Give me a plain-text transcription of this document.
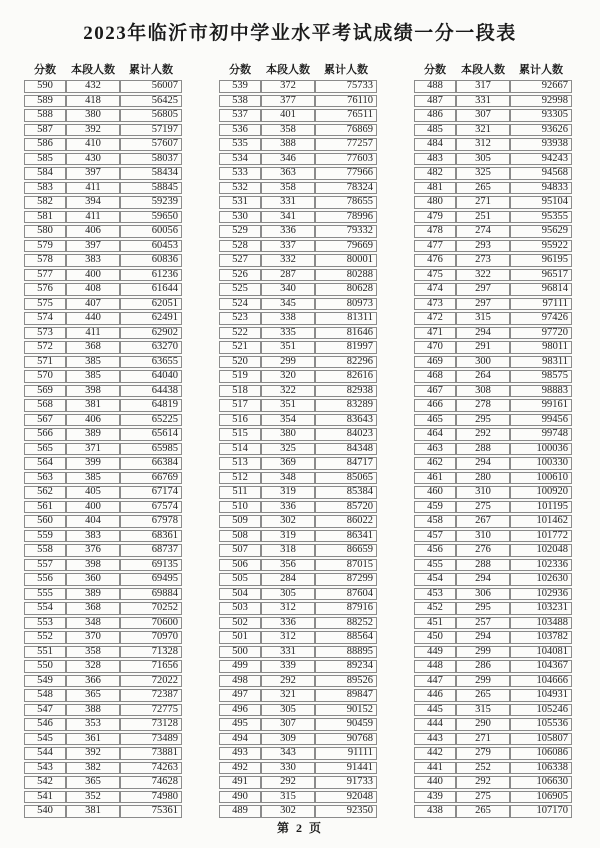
2023年临沂市初中学业水平考试成绩一分一段表
分数	本段人数	累计人数
590	432	56007
589	418	56425
588	380	56805
587	392	57197
586	410	57607
585	430	58037
584	397	58434
583	411	58845
582	394	59239
581	411	59650
580	406	60056
579	397	60453
578	383	60836
577	400	61236
576	408	61644
575	407	62051
574	440	62491
573	411	62902
572	368	63270
571	385	63655
570	385	64040
569	398	64438
568	381	64819
567	406	65225
566	389	65614
565	371	65985
564	399	66384
563	385	66769
562	405	67174
561	400	67574
560	404	67978
559	383	68361
558	376	68737
557	398	69135
556	360	69495
555	389	69884
554	368	70252
553	348	70600
552	370	70970
551	358	71328
550	328	71656
549	366	72022
548	365	72387
547	388	72775
546	353	73128
545	361	73489
544	392	73881
543	382	74263
542	365	74628
541	352	74980
540	381	75361
分数	本段人数	累计人数
539	372	75733
538	377	76110
537	401	76511
536	358	76869
535	388	77257
534	346	77603
533	363	77966
532	358	78324
531	331	78655
530	341	78996
529	336	79332
528	337	79669
527	332	80001
526	287	80288
525	340	80628
524	345	80973
523	338	81311
522	335	81646
521	351	81997
520	299	82296
519	320	82616
518	322	82938
517	351	83289
516	354	83643
515	380	84023
514	325	84348
513	369	84717
512	348	85065
511	319	85384
510	336	85720
509	302	86022
508	319	86341
507	318	86659
506	356	87015
505	284	87299
504	305	87604
503	312	87916
502	336	88252
501	312	88564
500	331	88895
499	339	89234
498	292	89526
497	321	89847
496	305	90152
495	307	90459
494	309	90768
493	343	91111
492	330	91441
491	292	91733
490	315	92048
489	302	92350
分数	本段人数	累计人数
488	317	92667
487	331	92998
486	307	93305
485	321	93626
484	312	93938
483	305	94243
482	325	94568
481	265	94833
480	271	95104
479	251	95355
478	274	95629
477	293	95922
476	273	96195
475	322	96517
474	297	96814
473	297	97111
472	315	97426
471	294	97720
470	291	98011
469	300	98311
468	264	98575
467	308	98883
466	278	99161
465	295	99456
464	292	99748
463	288	100036
462	294	100330
461	280	100610
460	310	100920
459	275	101195
458	267	101462
457	310	101772
456	276	102048
455	288	102336
454	294	102630
453	306	102936
452	295	103231
451	257	103488
450	294	103782
449	299	104081
448	286	104367
447	299	104666
446	265	104931
445	315	105246
444	290	105536
443	271	105807
442	279	106086
441	252	106338
440	292	106630
439	275	106905
438	265	107170
第 2 页
